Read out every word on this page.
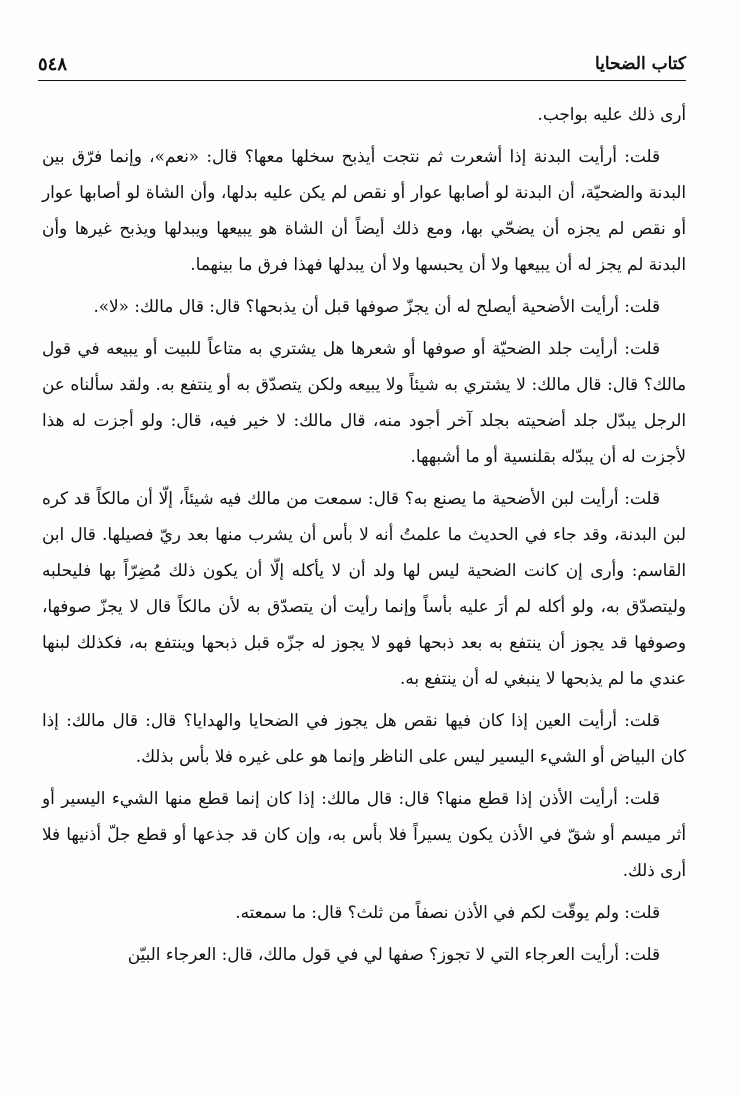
كتاب الضحايا
٥٤٨

أرى ذلك عليه بواجب.

قلت: أرأيت البدنة إذا أشعرت ثم نتجت أيذبح سخلها معها؟ قال: «نعم»، وإنما فرّق بين البدنة والضحيّة، أن البدنة لو أصابها عوار أو نقص لم يكن عليه بدلها، وأن الشاة لو أصابها عوار أو نقص لم يجزه أن يضحّي بها، ومع ذلك أيضاً أن الشاة هو يبيعها ويبدلها ويذبح غيرها وأن البدنة لم يجز له أن يبيعها ولا أن يحبسها ولا أن يبدلها فهذا فرق ما بينهما.

قلت: أرأيت الأضحية أيصلح له أن يجزّ صوفها قبل أن يذبحها؟ قال: قال مالك: «لا».

قلت: أرأيت جلد الضحيّة أو صوفها أو شعرها هل يشتري به متاعاً للبيت أو يبيعه في قول مالك؟ قال: قال مالك: لا يشتري به شيئاً ولا يبيعه ولكن يتصدّق به أو ينتفع به. ولقد سألناه عن الرجل يبدّل جلد أضحيته بجلد آخر أجود منه، قال مالك: لا خير فيه، قال: ولو أجزت له هذا لأجزت له أن يبدّله بقلنسية أو ما أشبهها.

قلت: أرأيت لبن الأضحية ما يصنع به؟ قال: سمعت من مالك فيه شيئاً، إلّا أن مالكاً قد كره لبن البدنة، وقد جاء في الحديث ما علمتُ أنه لا بأس أن يشرب منها بعد ريّ فصيلها. قال ابن القاسم: وأرى إن كانت الضحية ليس لها ولد أن لا يأكله إلّا أن يكون ذلك مُضِرّاً بها فليحلبه وليتصدّق به، ولو أكله لم أرَ عليه بأساً وإنما رأيت أن يتصدّق به لأن مالكاً قال لا يجزّ صوفها، وصوفها قد يجوز أن ينتفع به بعد ذبحها فهو لا يجوز له جزّه قبل ذبحها وينتفع به، فكذلك لبنها عندي ما لم يذبحها لا ينبغي له أن ينتفع به.

قلت: أرأيت العين إذا كان فيها نقص هل يجوز في الضحايا والهدايا؟ قال: قال مالك: إذا كان البياض أو الشيء اليسير ليس على الناظر وإنما هو على غيره فلا بأس بذلك.

قلت: أرأيت الأذن إذا قطع منها؟ قال: قال مالك: إذا كان إنما قطع منها الشيء اليسير أو أثر ميسم أو شقّ في الأذن يكون يسيراً فلا بأس به، وإن كان قد جذعها أو قطع جلّ أذنيها فلا أرى ذلك.

قلت: ولم يوقّت لكم في الأذن نصفاً من ثلث؟ قال: ما سمعته.

قلت: أرأيت العرجاء التي لا تجوز؟ صفها لي في قول مالك، قال: العرجاء البيّن
